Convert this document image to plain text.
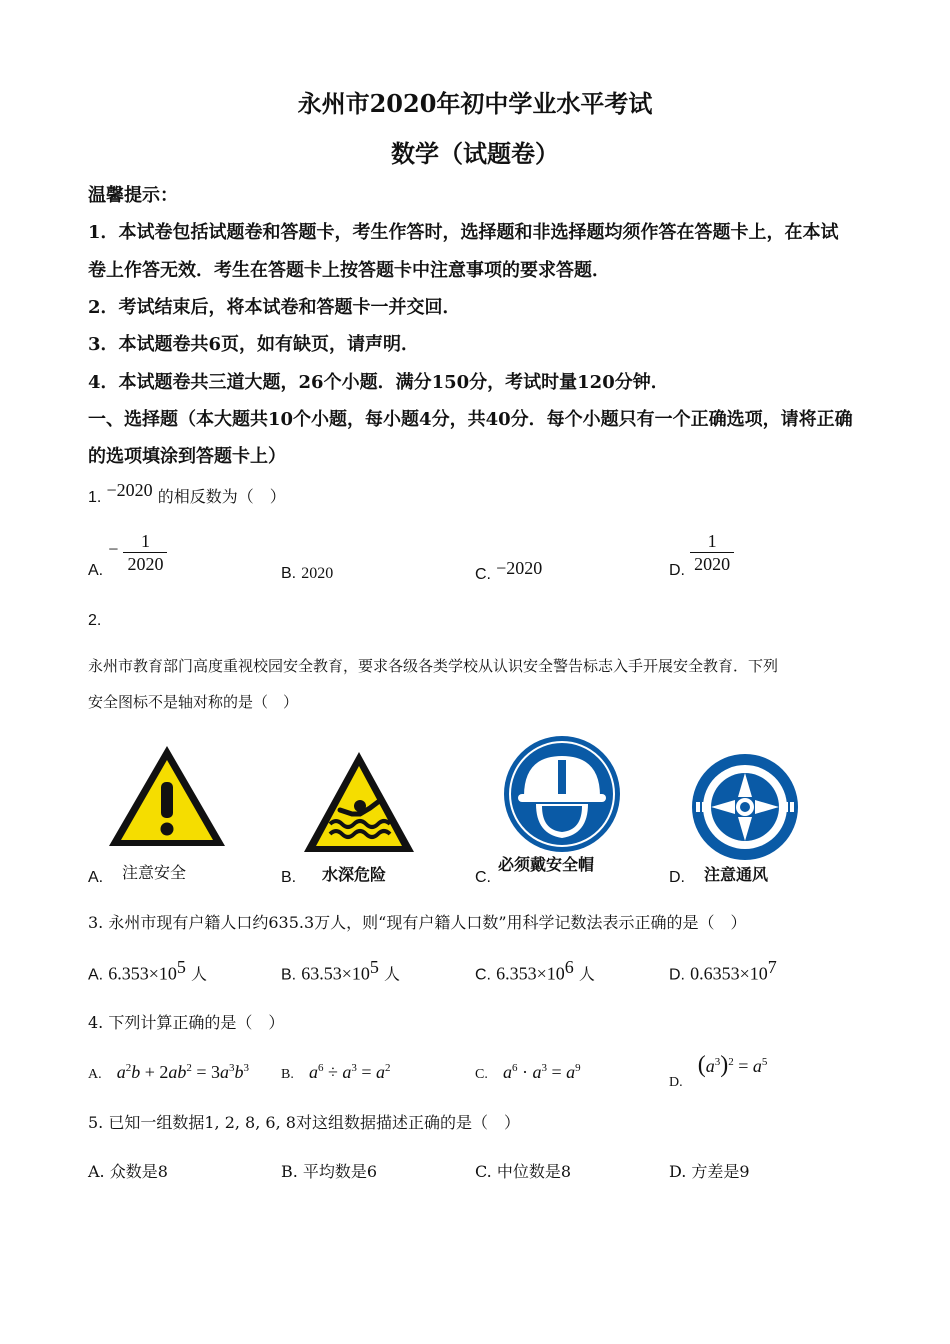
永州市2020年初中学业水平考试
数学（试题卷）
温馨提示：
1．本试卷包括试题卷和答题卡，考生作答时，选择题和非选择题均须作答在答题卡上，在本试
卷上作答无效．考生在答题卡上按答题卡中注意事项的要求答题．
2．考试结束后，将本试卷和答题卡一并交回．
3．本试题卷共6页，如有缺页，请声明．
4．本试题卷共三道大题，26个小题．满分150分，考试时量120分钟．
一、选择题（本大题共10个小题，每小题4分，共40分．每个小题只有一个正确选项，请将正确
的选项填涂到答题卡上）
1. −2020 的相反数为（　）
A. − $\frac{1}{2020}$	B. 2020	C. −2020	D. $\frac{1}{2020}$
2.
永州市教育部门高度重视校园安全教育，要求各级各类学校从认识安全警告标志入手开展安全教育．下列
安全图标不是轴对称的是（　）
A. 注意安全	B. 水深危险	C.
必须戴安全帽
D. 注意通风
3. 永州市现有户籍人口约635.3万人，则“现有户籍人口数”用科学记数法表示正确的是（　）
A. $6.353\times 10^5$ 人	B. $63.53\times 10^5$ 人	C. $6.353\times 10^6$ 人	D. $0.6353\times 10^7$
4. 下列计算正确的是（　）
A. $a^2b + 2ab^2 = 3a^3b^3$ B. $a^6 \div a^3 = a^2$	C. $a^6 \cdot a^3 = a^9$
D. $(a^3)^2 = a^5$
5. 已知一组数据1, 2, 8, 6, 8对这组数据描述正确的是（　）
A. 众数是8	B. 平均数是6	C. 中位数是8	D. 方差是9
